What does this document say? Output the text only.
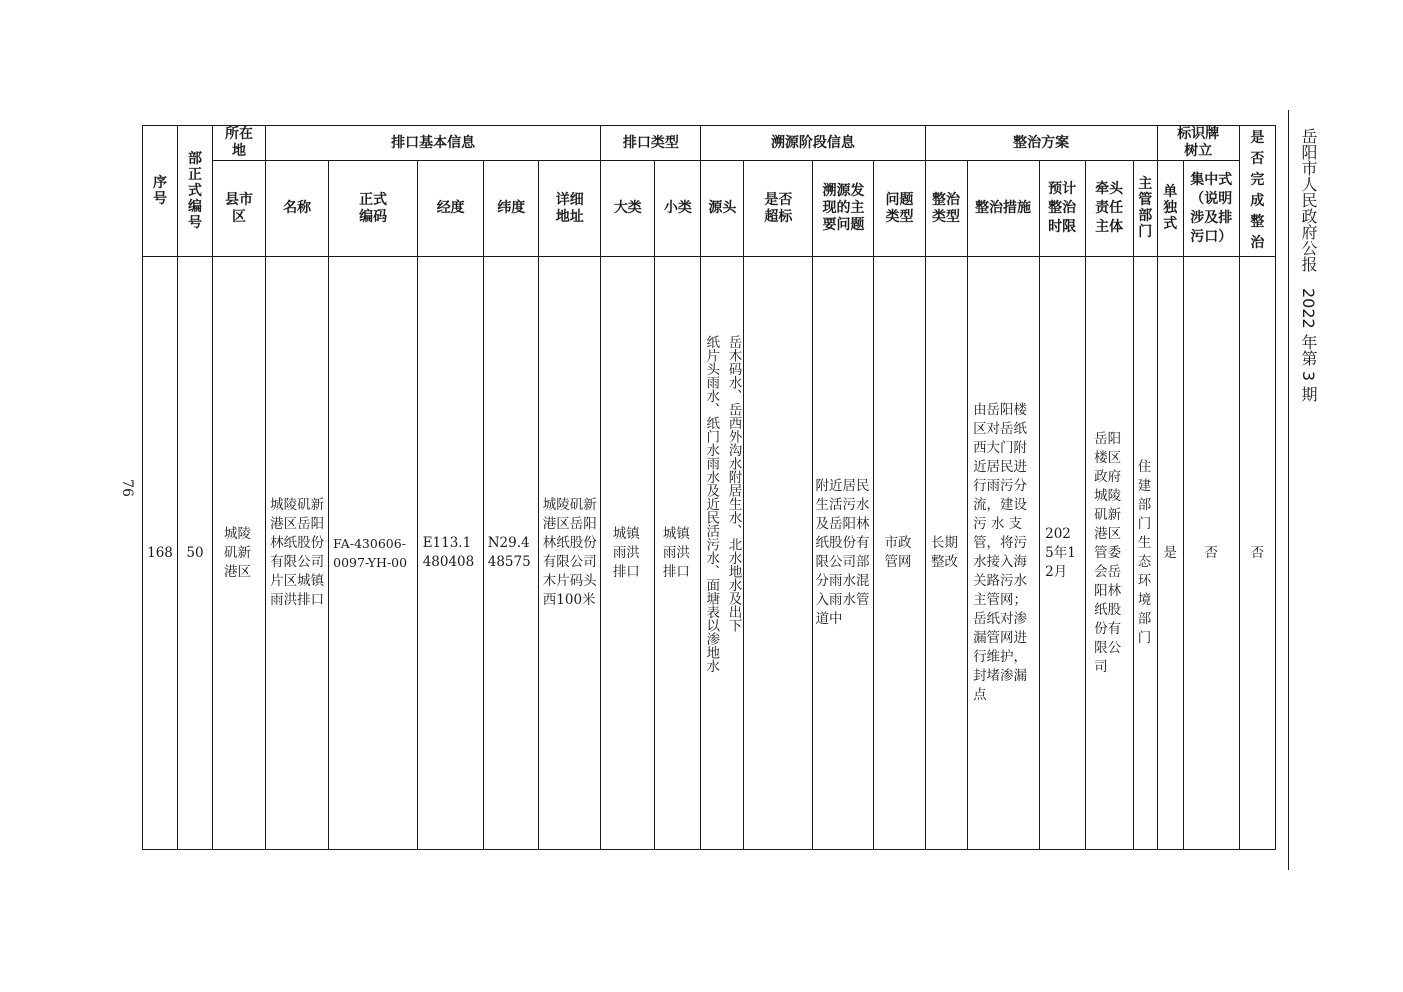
岳阳市人民政府公报　2022 年第 3 期
76
序号	部正式编号	所在地	排口基本信息					排口类型		溯源阶段信息				整治方案					标识牌树立		是否完成整治
		县市区	名称	正式编码	经度	纬度	详细地址	大类	小类	源头	是否超标	溯源发现的主要问题	问题类型	整治类型	整治措施	预计整治时限	牵头责任主体	主管部门	单独式	集中式（说明涉及排污口）	
168	50	城陵矶新港区	城陵矶新港区岳阳林纸股份有限公司片区城镇雨洪排口	FA-430606-0097-YH-00	E113.1480408	N29.448575	城陵矶新港区岳阳林纸股份有限公司木片码头西100米	城镇雨洪排口	城镇雨洪排口	纸片头雨水、纸门水雨水及近民活污水、面塘表以渗地水 岳木码水、岳西外沟水附居生水、北水地水及出下		附近居民生活污水及岳阳林纸股份有限公司部分雨水混入雨水管道中	市政管网	长期整改	由岳阳楼区对岳纸西大门附近居民进行雨污分流，建设污 水 支管，将污水接入海关路污水主管网；岳纸对渗漏管网进行维护，封堵渗漏点	2025年12月	岳阳楼区政府城陵矶新港区管委会岳阳林纸股份有限公司	住建部门生态环境部门	是	否	否
